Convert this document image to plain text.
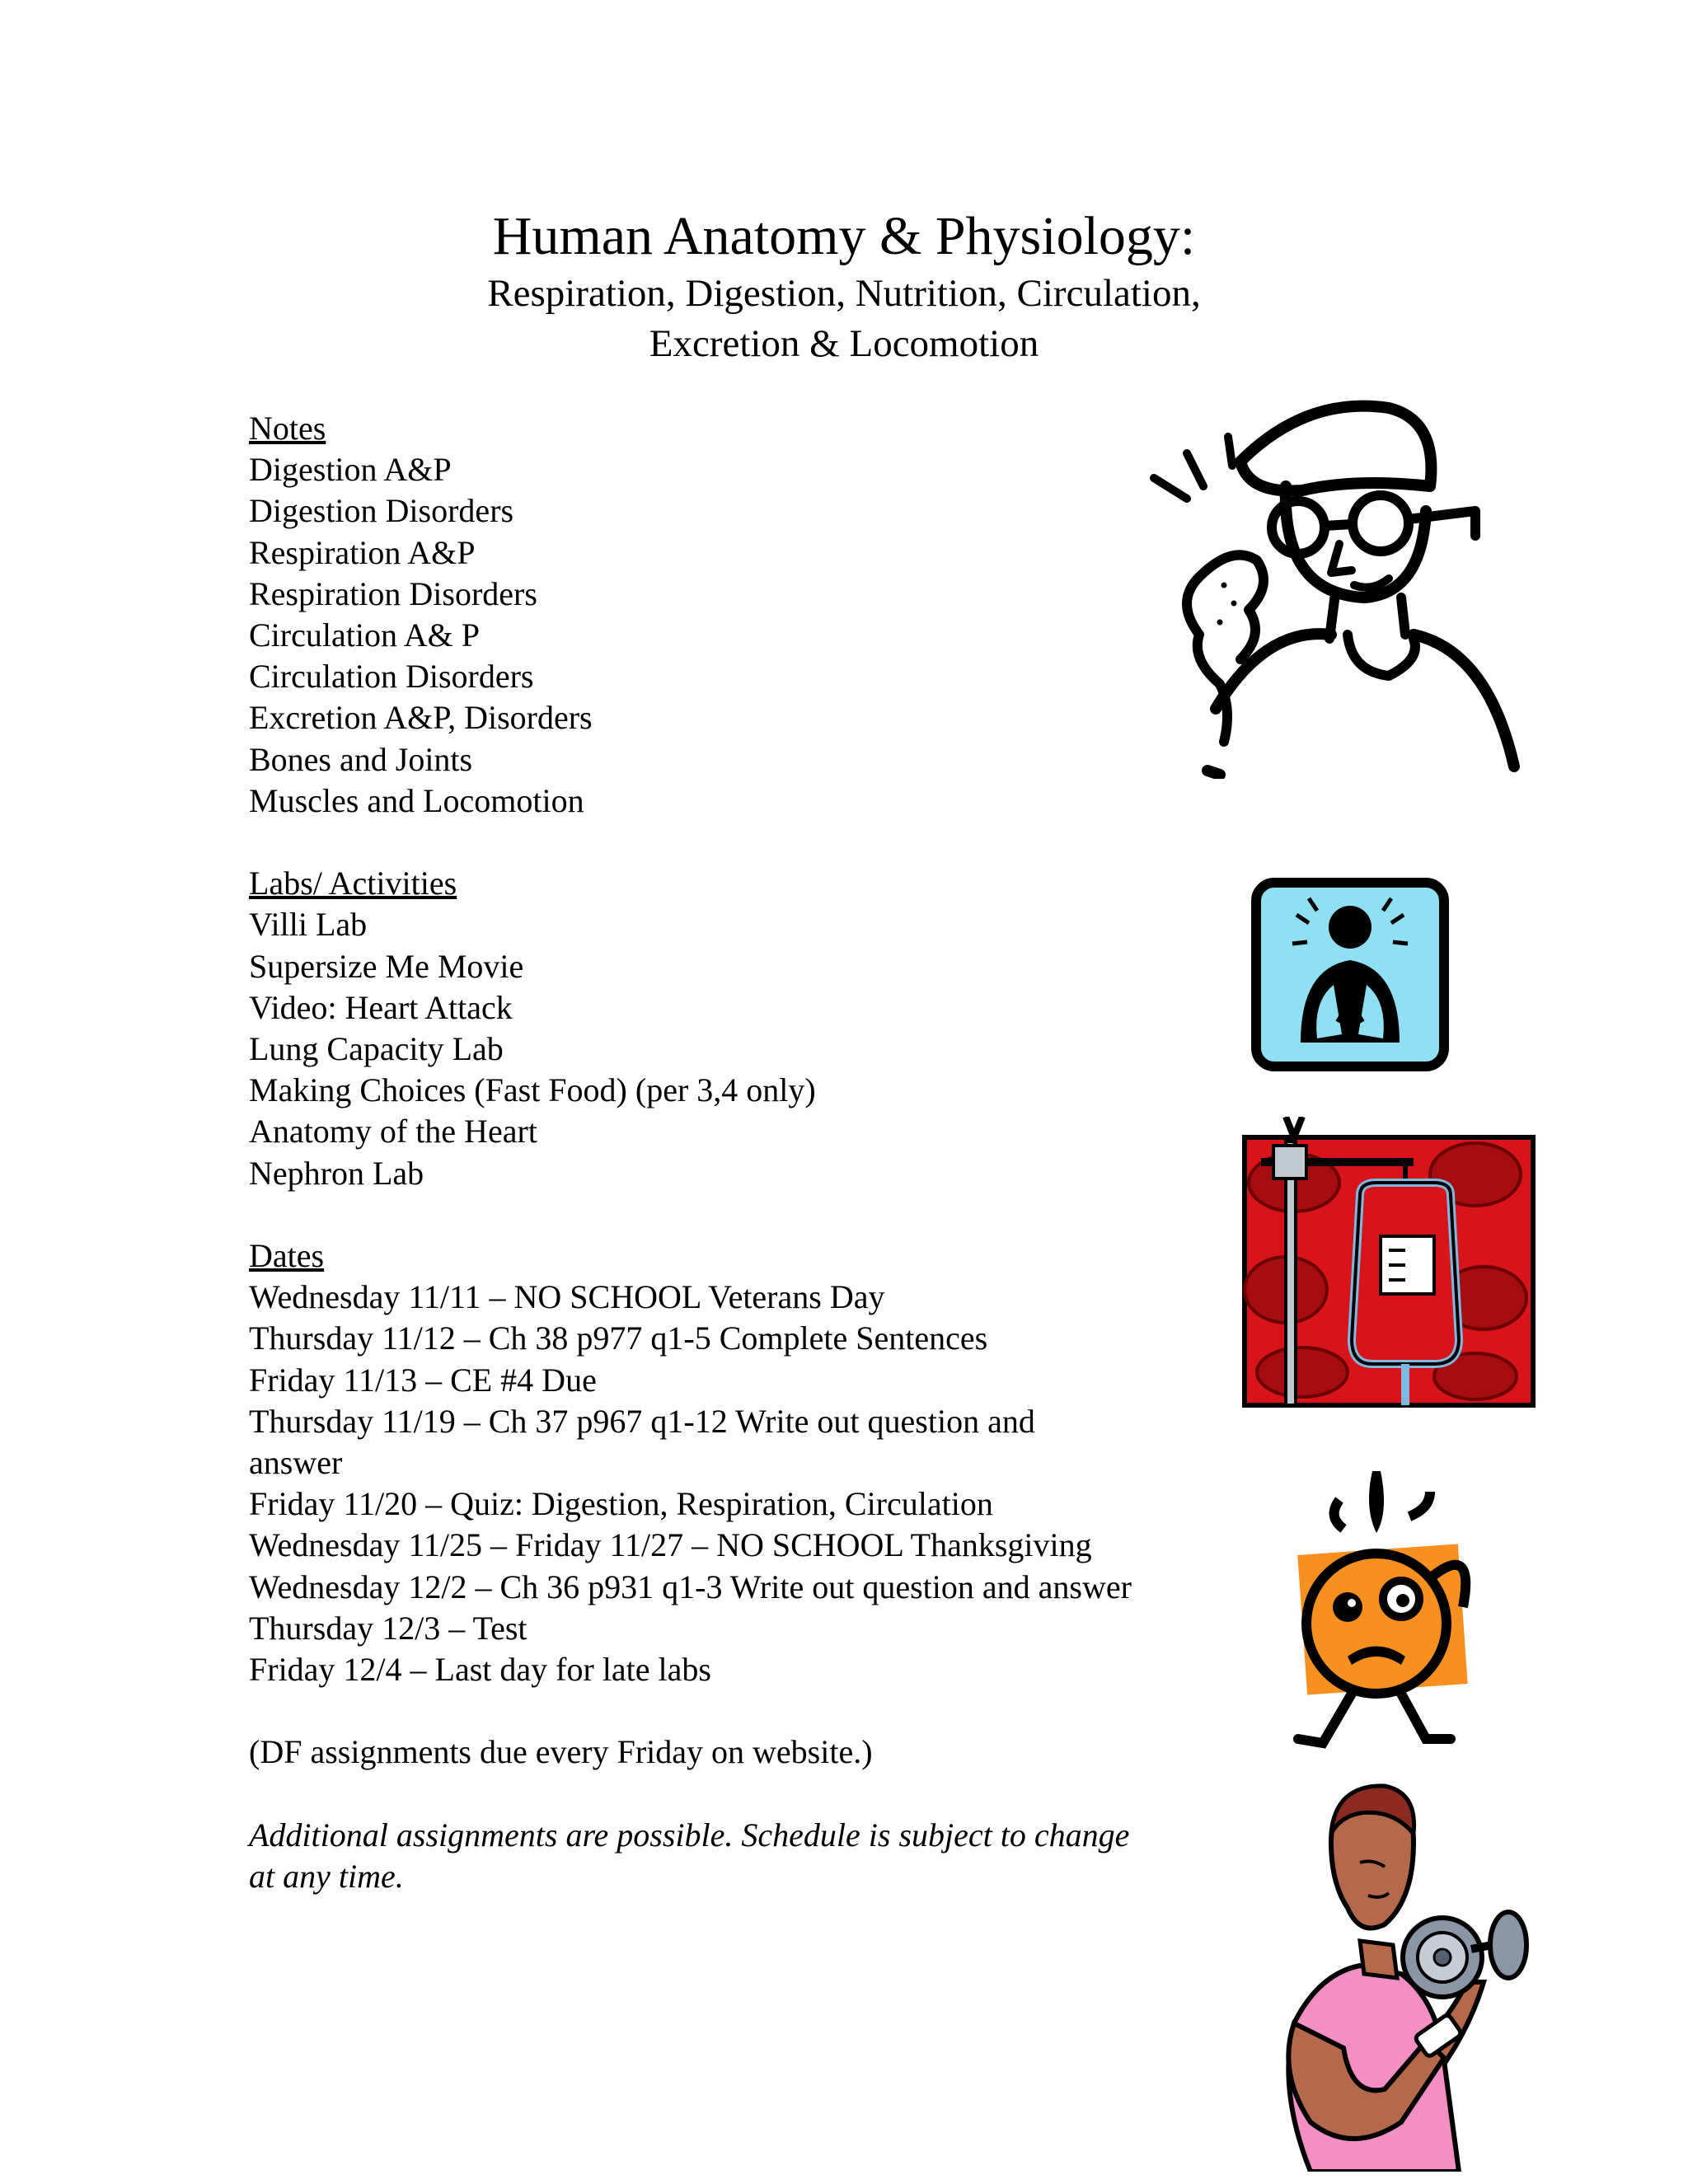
Human Anatomy & Physiology:
Respiration, Digestion, Nutrition, Circulation,
Excretion & Locomotion
Notes
Digestion A&P
Digestion Disorders
Respiration A&P
Respiration Disorders
Circulation A& P
Circulation Disorders
Excretion A&P, Disorders
Bones and Joints
Muscles and Locomotion
Labs/ Activities
Villi Lab
Supersize Me Movie
Video: Heart Attack
Lung Capacity Lab
Making Choices (Fast Food) (per 3,4 only)
Anatomy of the Heart
Nephron Lab
Dates
Wednesday 11/11 – NO SCHOOL Veterans Day
Thursday 11/12 – Ch 38 p977 q1-5 Complete Sentences
Friday 11/13 – CE #4 Due
Thursday 11/19 – Ch 37 p967 q1-12 Write out question and
answer
Friday 11/20 – Quiz: Digestion, Respiration, Circulation
Wednesday 11/25 – Friday 11/27 – NO SCHOOL Thanksgiving
Wednesday 12/2 – Ch 36 p931 q1-3 Write out question and answer
Thursday 12/3 – Test
Friday 12/4 – Last day for late labs
(DF assignments due every Friday on website.)
Additional assignments are possible. Schedule is subject to change
at any time.
